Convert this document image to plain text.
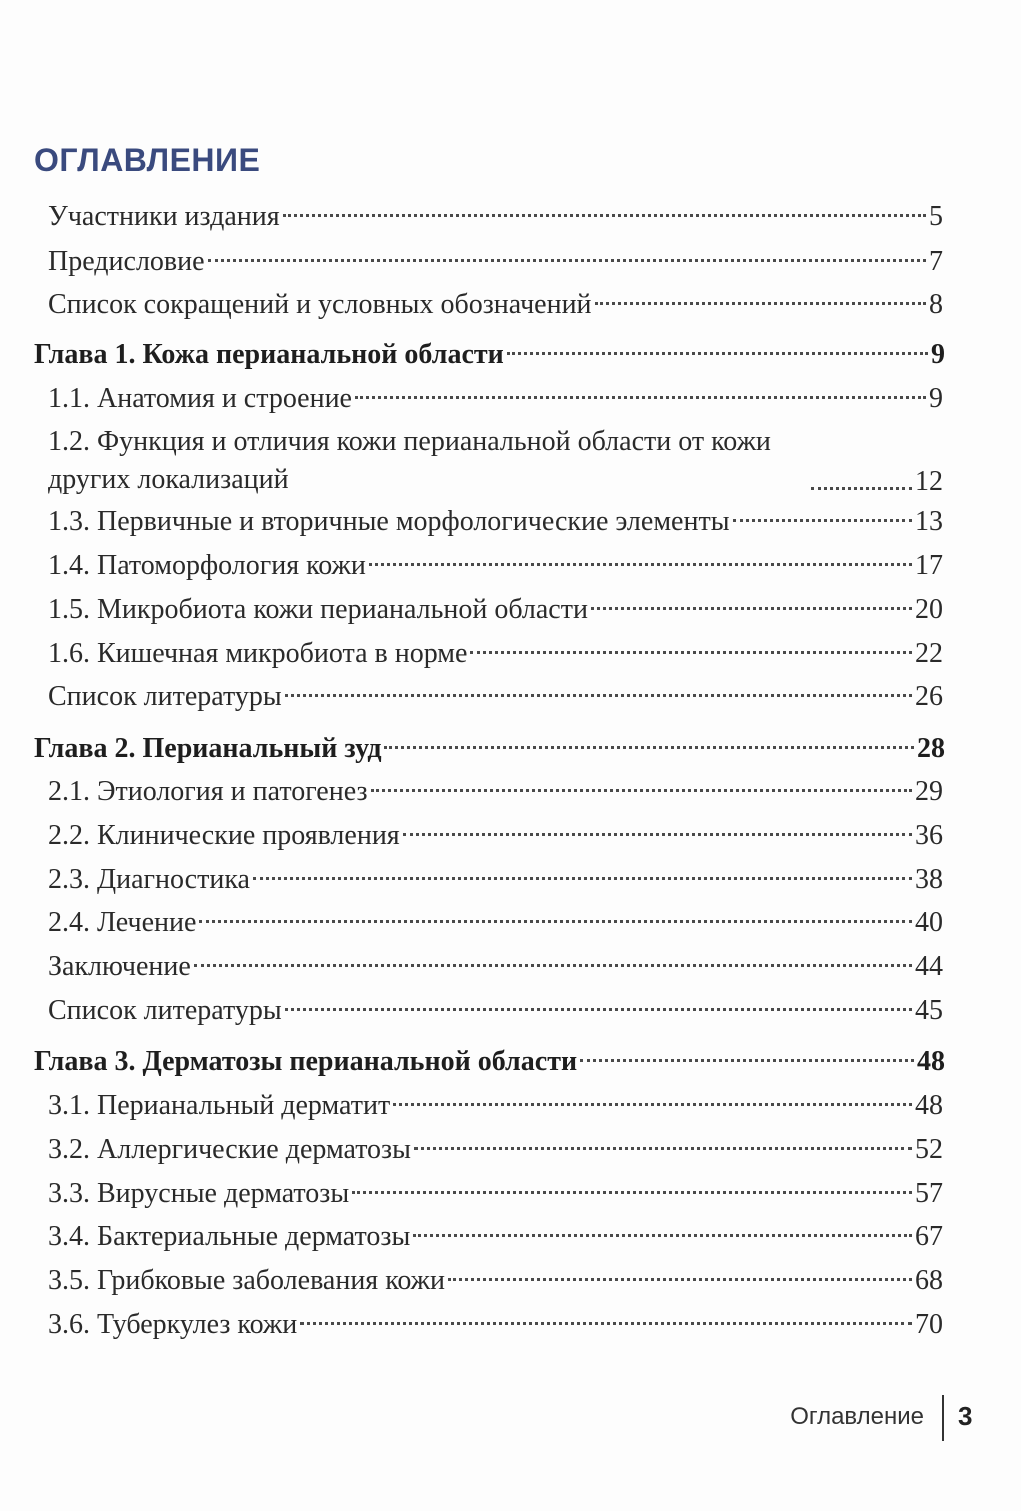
ОГЛАВЛЕНИЕ
Участники издания	5
Предисловие	7
Список сокращений и условных обозначений	8
Глава 1. Кожа перианальной области	9
1.1. Анатомия и строение	9
1.2. Функция и отличия кожи перианальной области от кожи других локализаций	12
1.3. Первичные и вторичные морфологические элементы	13
1.4. Патоморфология кожи	17
1.5. Микробиота кожи перианальной области	20
1.6. Кишечная микробиота в норме	22
Список литературы	26
Глава 2. Перианальный зуд	28
2.1. Этиология и патогенез	29
2.2. Клинические проявления	36
2.3. Диагностика	38
2.4. Лечение	40
Заключение	44
Список литературы	45
Глава 3. Дерматозы перианальной области	48
3.1. Перианальный дерматит	48
3.2. Аллергические дерматозы	52
3.3. Вирусные дерматозы	57
3.4. Бактериальные дерматозы	67
3.5. Грибковые заболевания кожи	68
3.6. Туберкулез кожи	70
Оглавление 3
